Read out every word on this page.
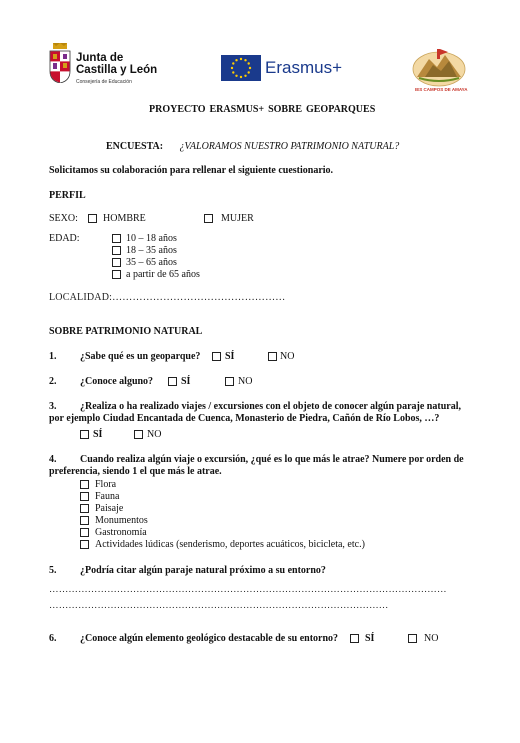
Junta de
Castilla y León
Consejería de Educación
Erasmus+
IES CAMPOS DE AMAYA
PROYECTO ERASMUS+ SOBRE GEOPARQUES
ENCUESTA: ¿VALORAMOS NUESTRO PATRIMONIO NATURAL?
Solicitamos su colaboración para rellenar el siguiente cuestionario.
PERFIL
SEXO:	HOMBRE	MUJER
EDAD:	10 – 18 años
18 – 35 años
35 – 65 años
a partir de 65 años
LOCALIDAD:……………………………………………
SOBRE PATRIMONIO NATURAL
1. ¿Sabe qué es un geoparque? SÍ	NO
2. ¿Conoce alguno?	SÍ	NO
3. ¿Realiza o ha realizado viajes / excursiones con el objeto de conocer algún paraje natural,
por ejemplo Ciudad Encantada de Cuenca, Monasterio de Piedra, Cañón de Río Lobos, …?
SÍ	NO
4. Cuando realiza algún viaje o excursión, ¿qué es lo que más le atrae? Numere por orden de
preferencia, siendo 1 el que más le atrae.
Flora
Fauna
Paisaje
Monumentos
Gastronomía
Actividades lúdicas (senderismo, deportes acuáticos, bicicleta, etc.)
5. ¿Podría citar algún paraje natural próximo a su entorno?
……………………………………………………………………………………………………………
……………………………………………………………………………………………
6. ¿Conoce algún elemento geológico destacable de su entorno?	SÍ	NO
